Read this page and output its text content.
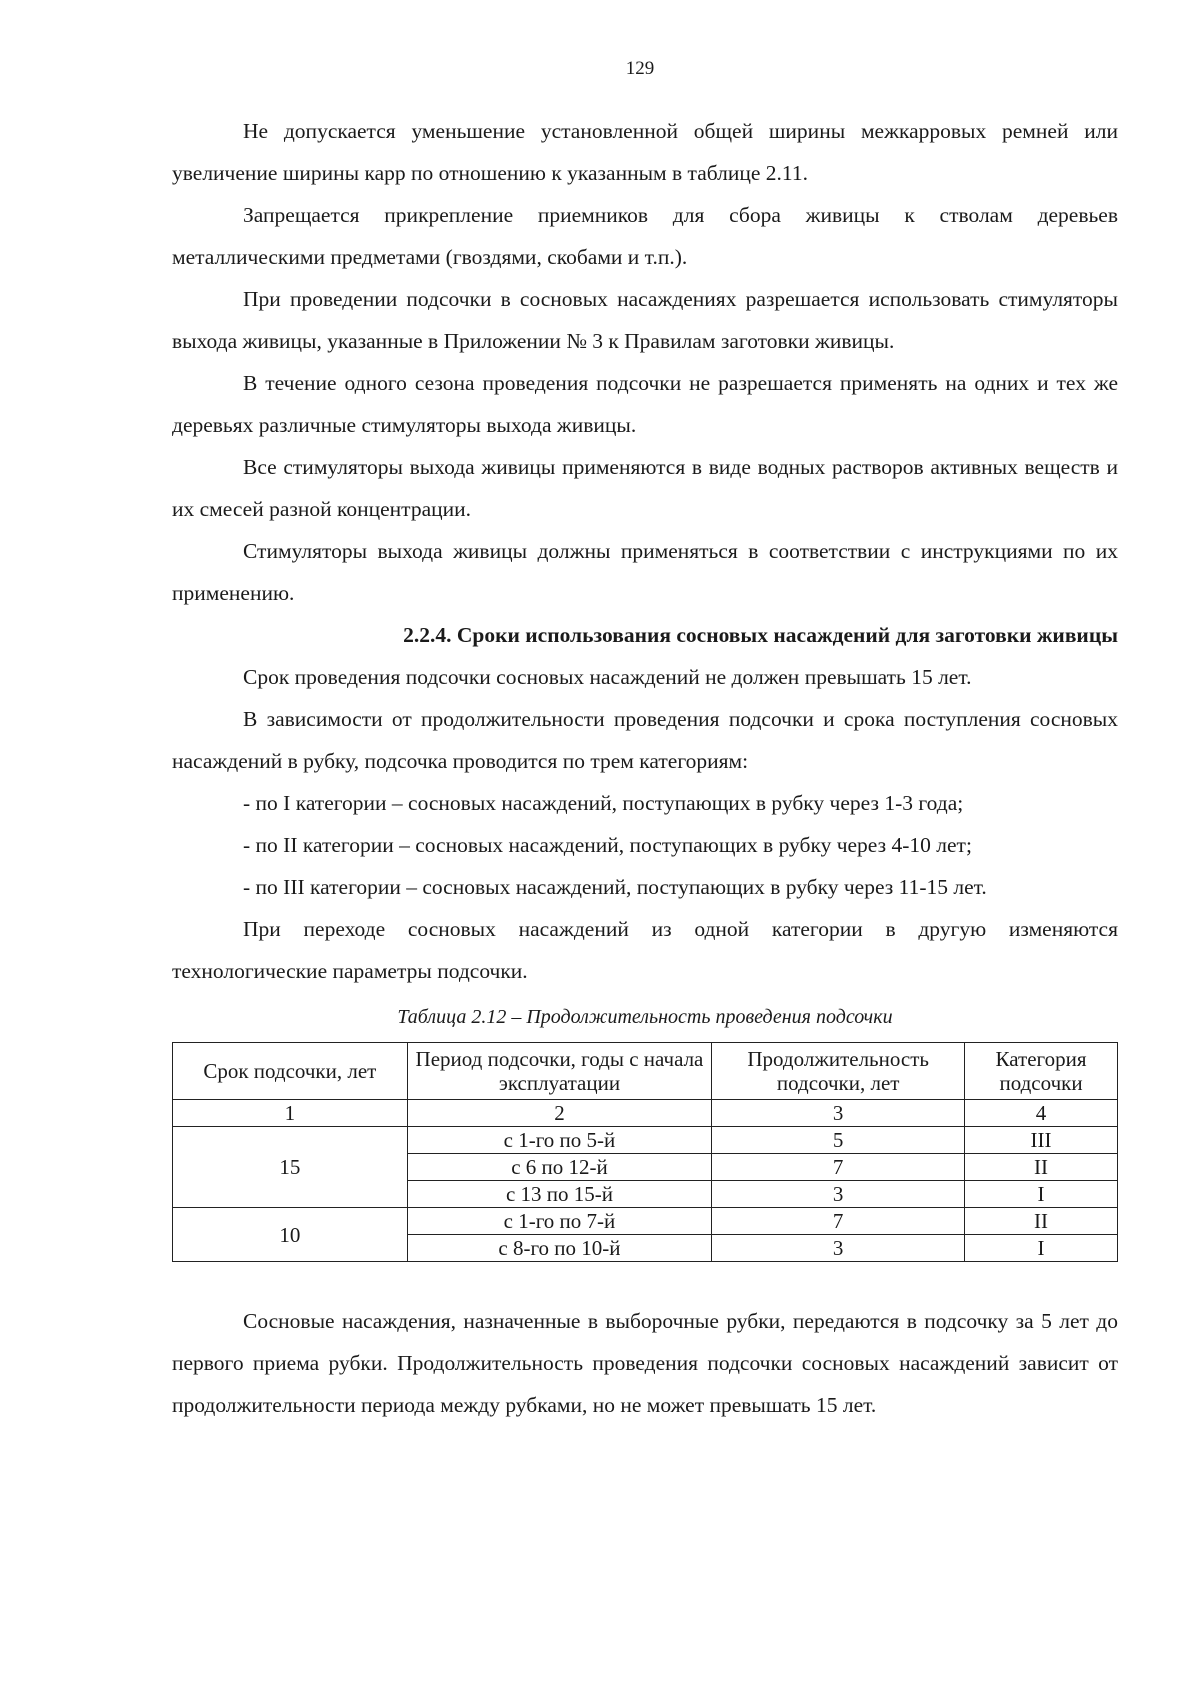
129

Не допускается уменьшение установленной общей ширины межкарровых ремней или увеличение ширины карр по отношению к указанным в таблице 2.11.

Запрещается прикрепление приемников для сбора живицы к стволам деревьев металлическими предметами (гвоздями, скобами и т.п.).

При проведении подсочки в сосновых насаждениях разрешается использовать стимуляторы выхода живицы, указанные в Приложении № 3 к Правилам заготовки живицы.

В течение одного сезона проведения подсочки не разрешается применять на одних и тех же деревьях различные стимуляторы выхода живицы.

Все стимуляторы выхода живицы применяются в виде водных растворов активных веществ и их смесей разной концентрации.

Стимуляторы выхода живицы должны применяться в соответствии с инструкциями по их применению.

2.2.4. Сроки использования сосновых насаждений для заготовки живицы

Срок проведения подсочки сосновых насаждений не должен превышать 15 лет.

В зависимости от продолжительности проведения подсочки и срока поступления сосновых насаждений в рубку, подсочка проводится по трем категориям:

- по I категории – сосновых насаждений, поступающих в рубку через 1-3 года;

- по II категории – сосновых насаждений, поступающих в рубку через 4-10 лет;

- по III категории – сосновых насаждений, поступающих в рубку через 11-15 лет.

При переходе сосновых насаждений из одной категории в другую изменяются технологические параметры подсочки.

Таблица 2.12 – Продолжительность проведения подсочки
Срок подсочки, лет	Период подсочки, годы с начала эксплуатации	Продолжительность подсочки, лет	Категория подсочки
1	2	3	4
15	с 1-го по 5-й	5	III
	с 6 по 12-й	7	II
	с 13 по 15-й	3	I
10	с 1-го по 7-й	7	II
	с 8-го по 10-й	3	I

Сосновые насаждения, назначенные в выборочные рубки, передаются в подсочку за 5 лет до первого приема рубки. Продолжительность проведения подсочки сосновых насаждений зависит от продолжительности периода между рубками, но не может превышать 15 лет.
